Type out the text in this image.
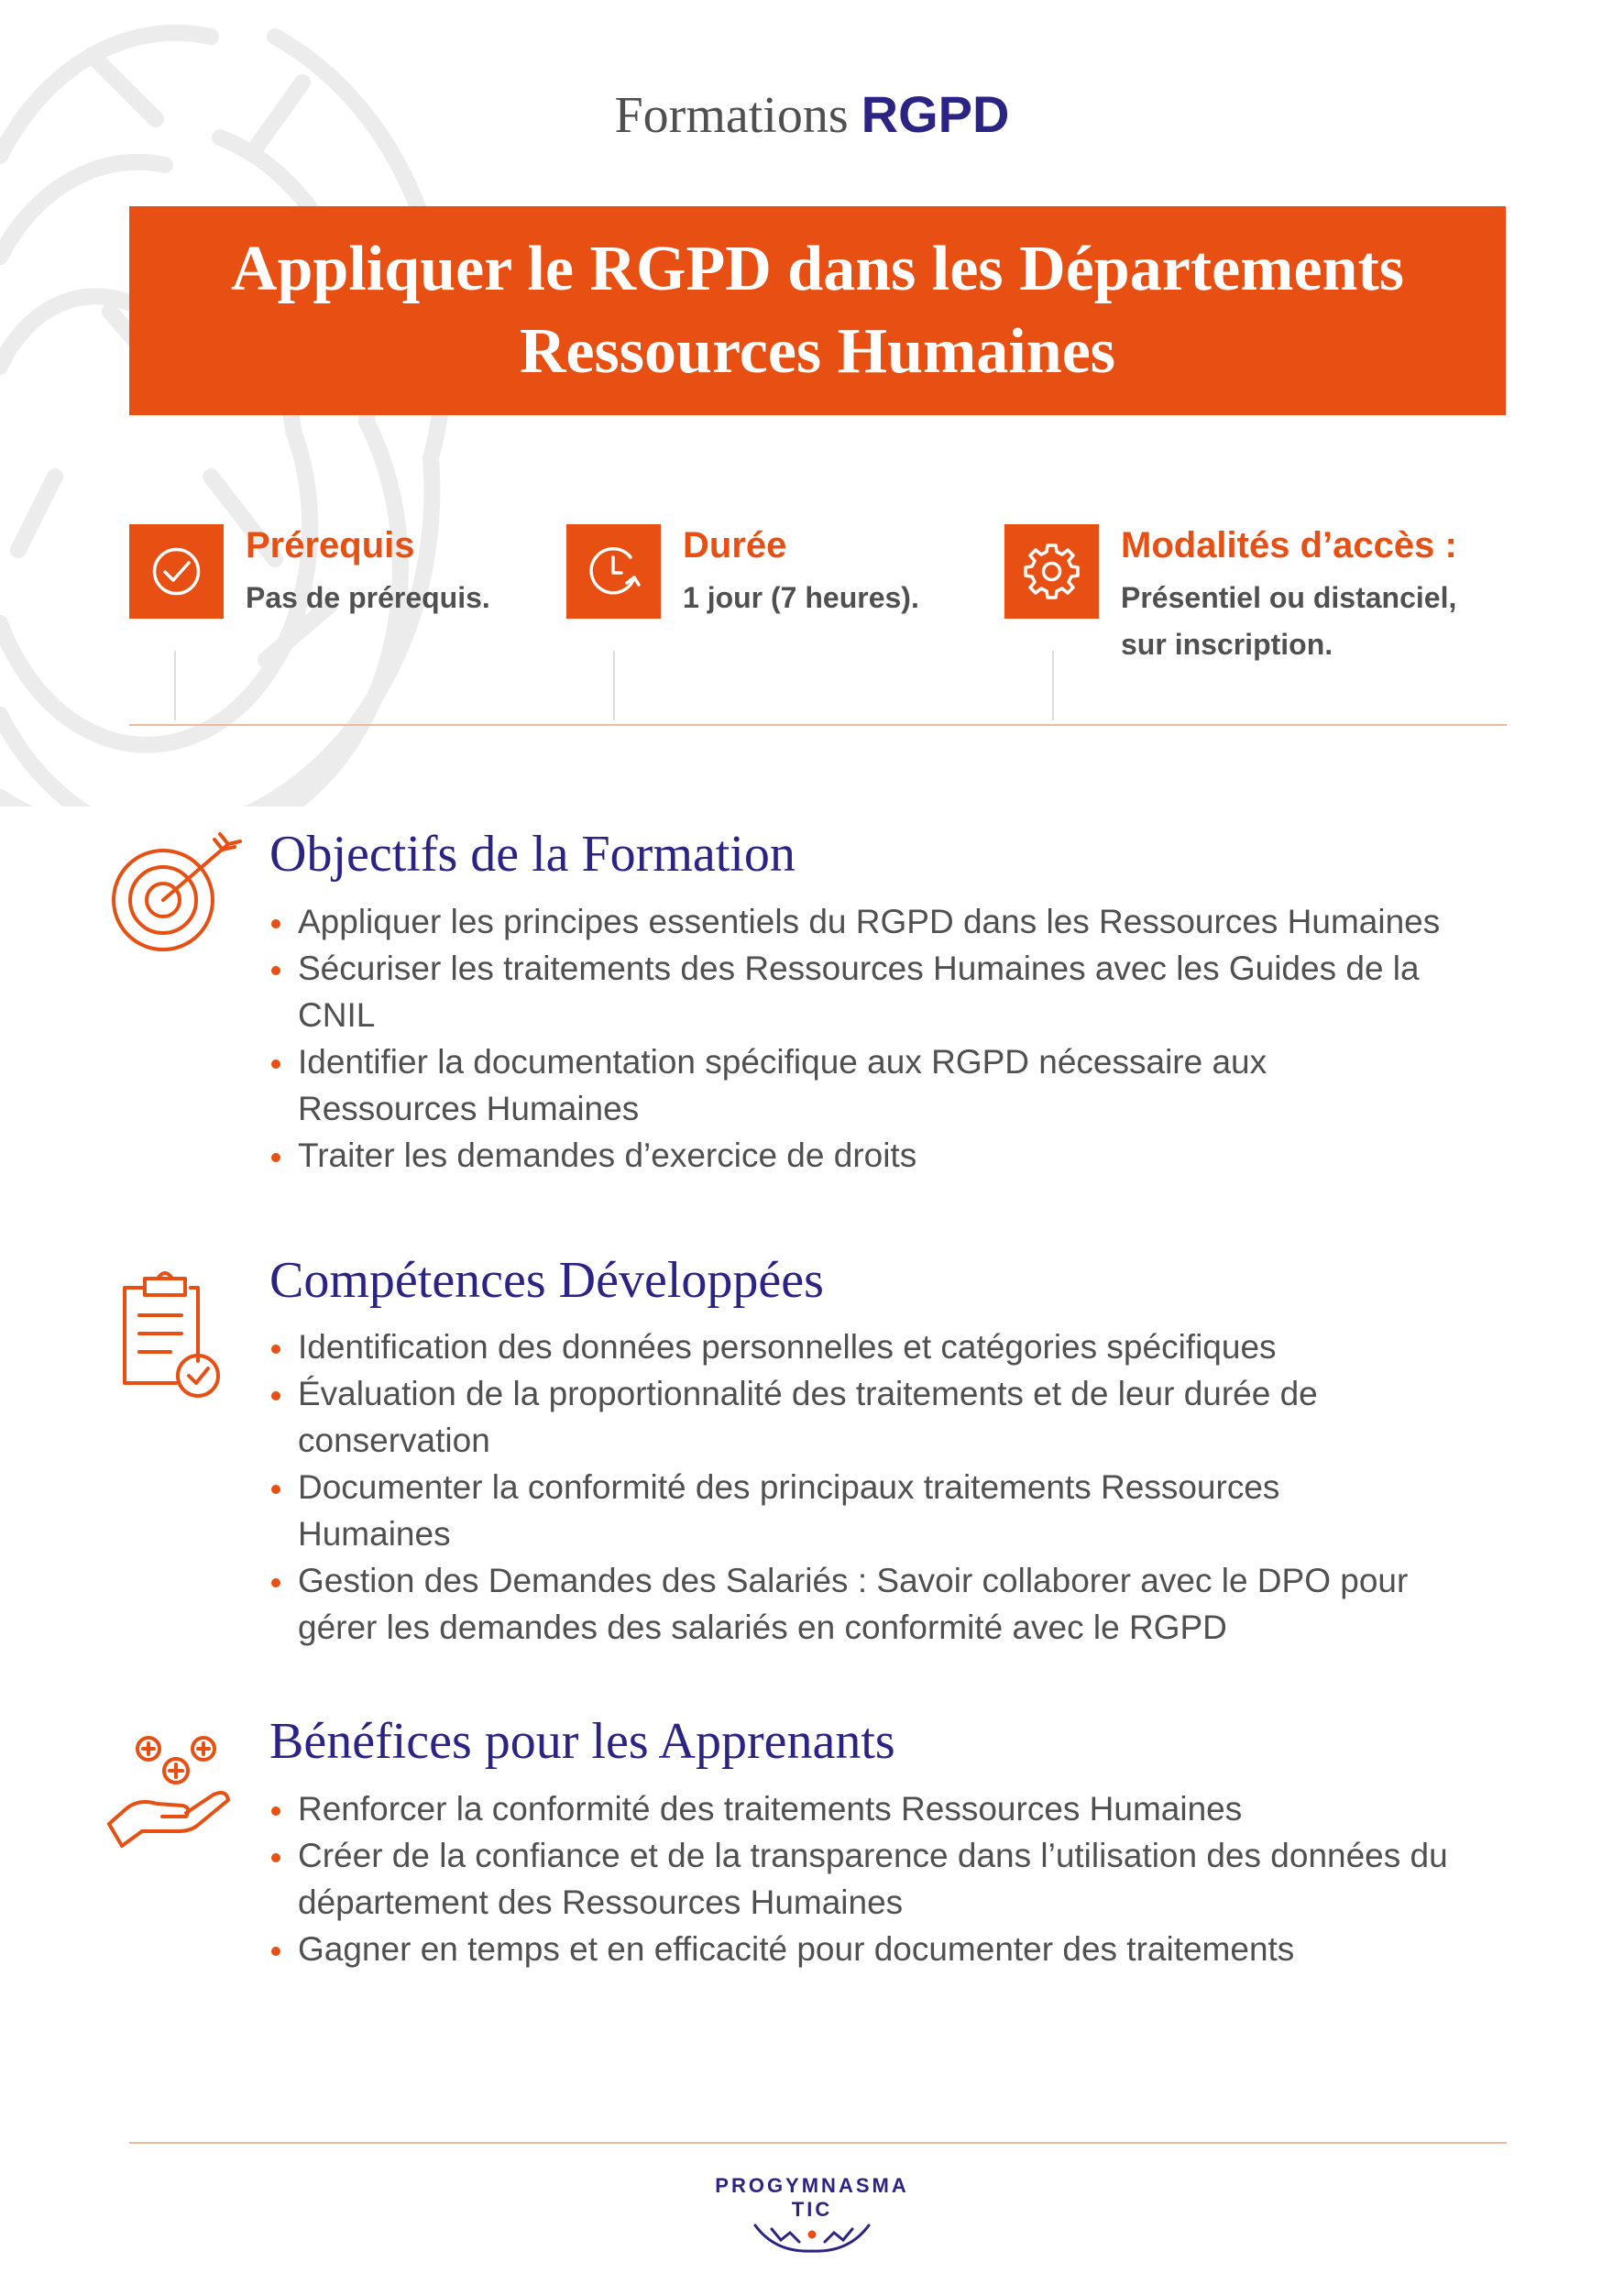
Formations RGPD
Appliquer le RGPD dans les Départements
Ressources Humaines
Prérequis
Pas de prérequis.
Durée
1 jour (7 heures).
Modalités d’accès :
Présentiel ou distanciel, sur inscription.
Objectifs de la Formation
Appliquer les principes essentiels du RGPD dans les Ressources Humaines
Sécuriser les traitements des Ressources Humaines avec les Guides de la CNIL
Identifier la documentation spécifique aux RGPD nécessaire aux Ressources Humaines
Traiter les demandes d’exercice de droits
Compétences Développées
Identification des données personnelles et catégories spécifiques
Évaluation de la proportionnalité des traitements et de leur durée de conservation
Documenter la conformité des principaux traitements Ressources Humaines
Gestion des Demandes des Salariés : Savoir collaborer avec le DPO pour gérer les demandes des salariés en conformité avec le RGPD
Bénéfices pour les Apprenants
Renforcer la conformité des traitements Ressources Humaines
Créer de la confiance et de la transparence dans l’utilisation des données du département des Ressources Humaines
Gagner en temps et en efficacité pour documenter des traitements
PROGYMNASMA
TIC
